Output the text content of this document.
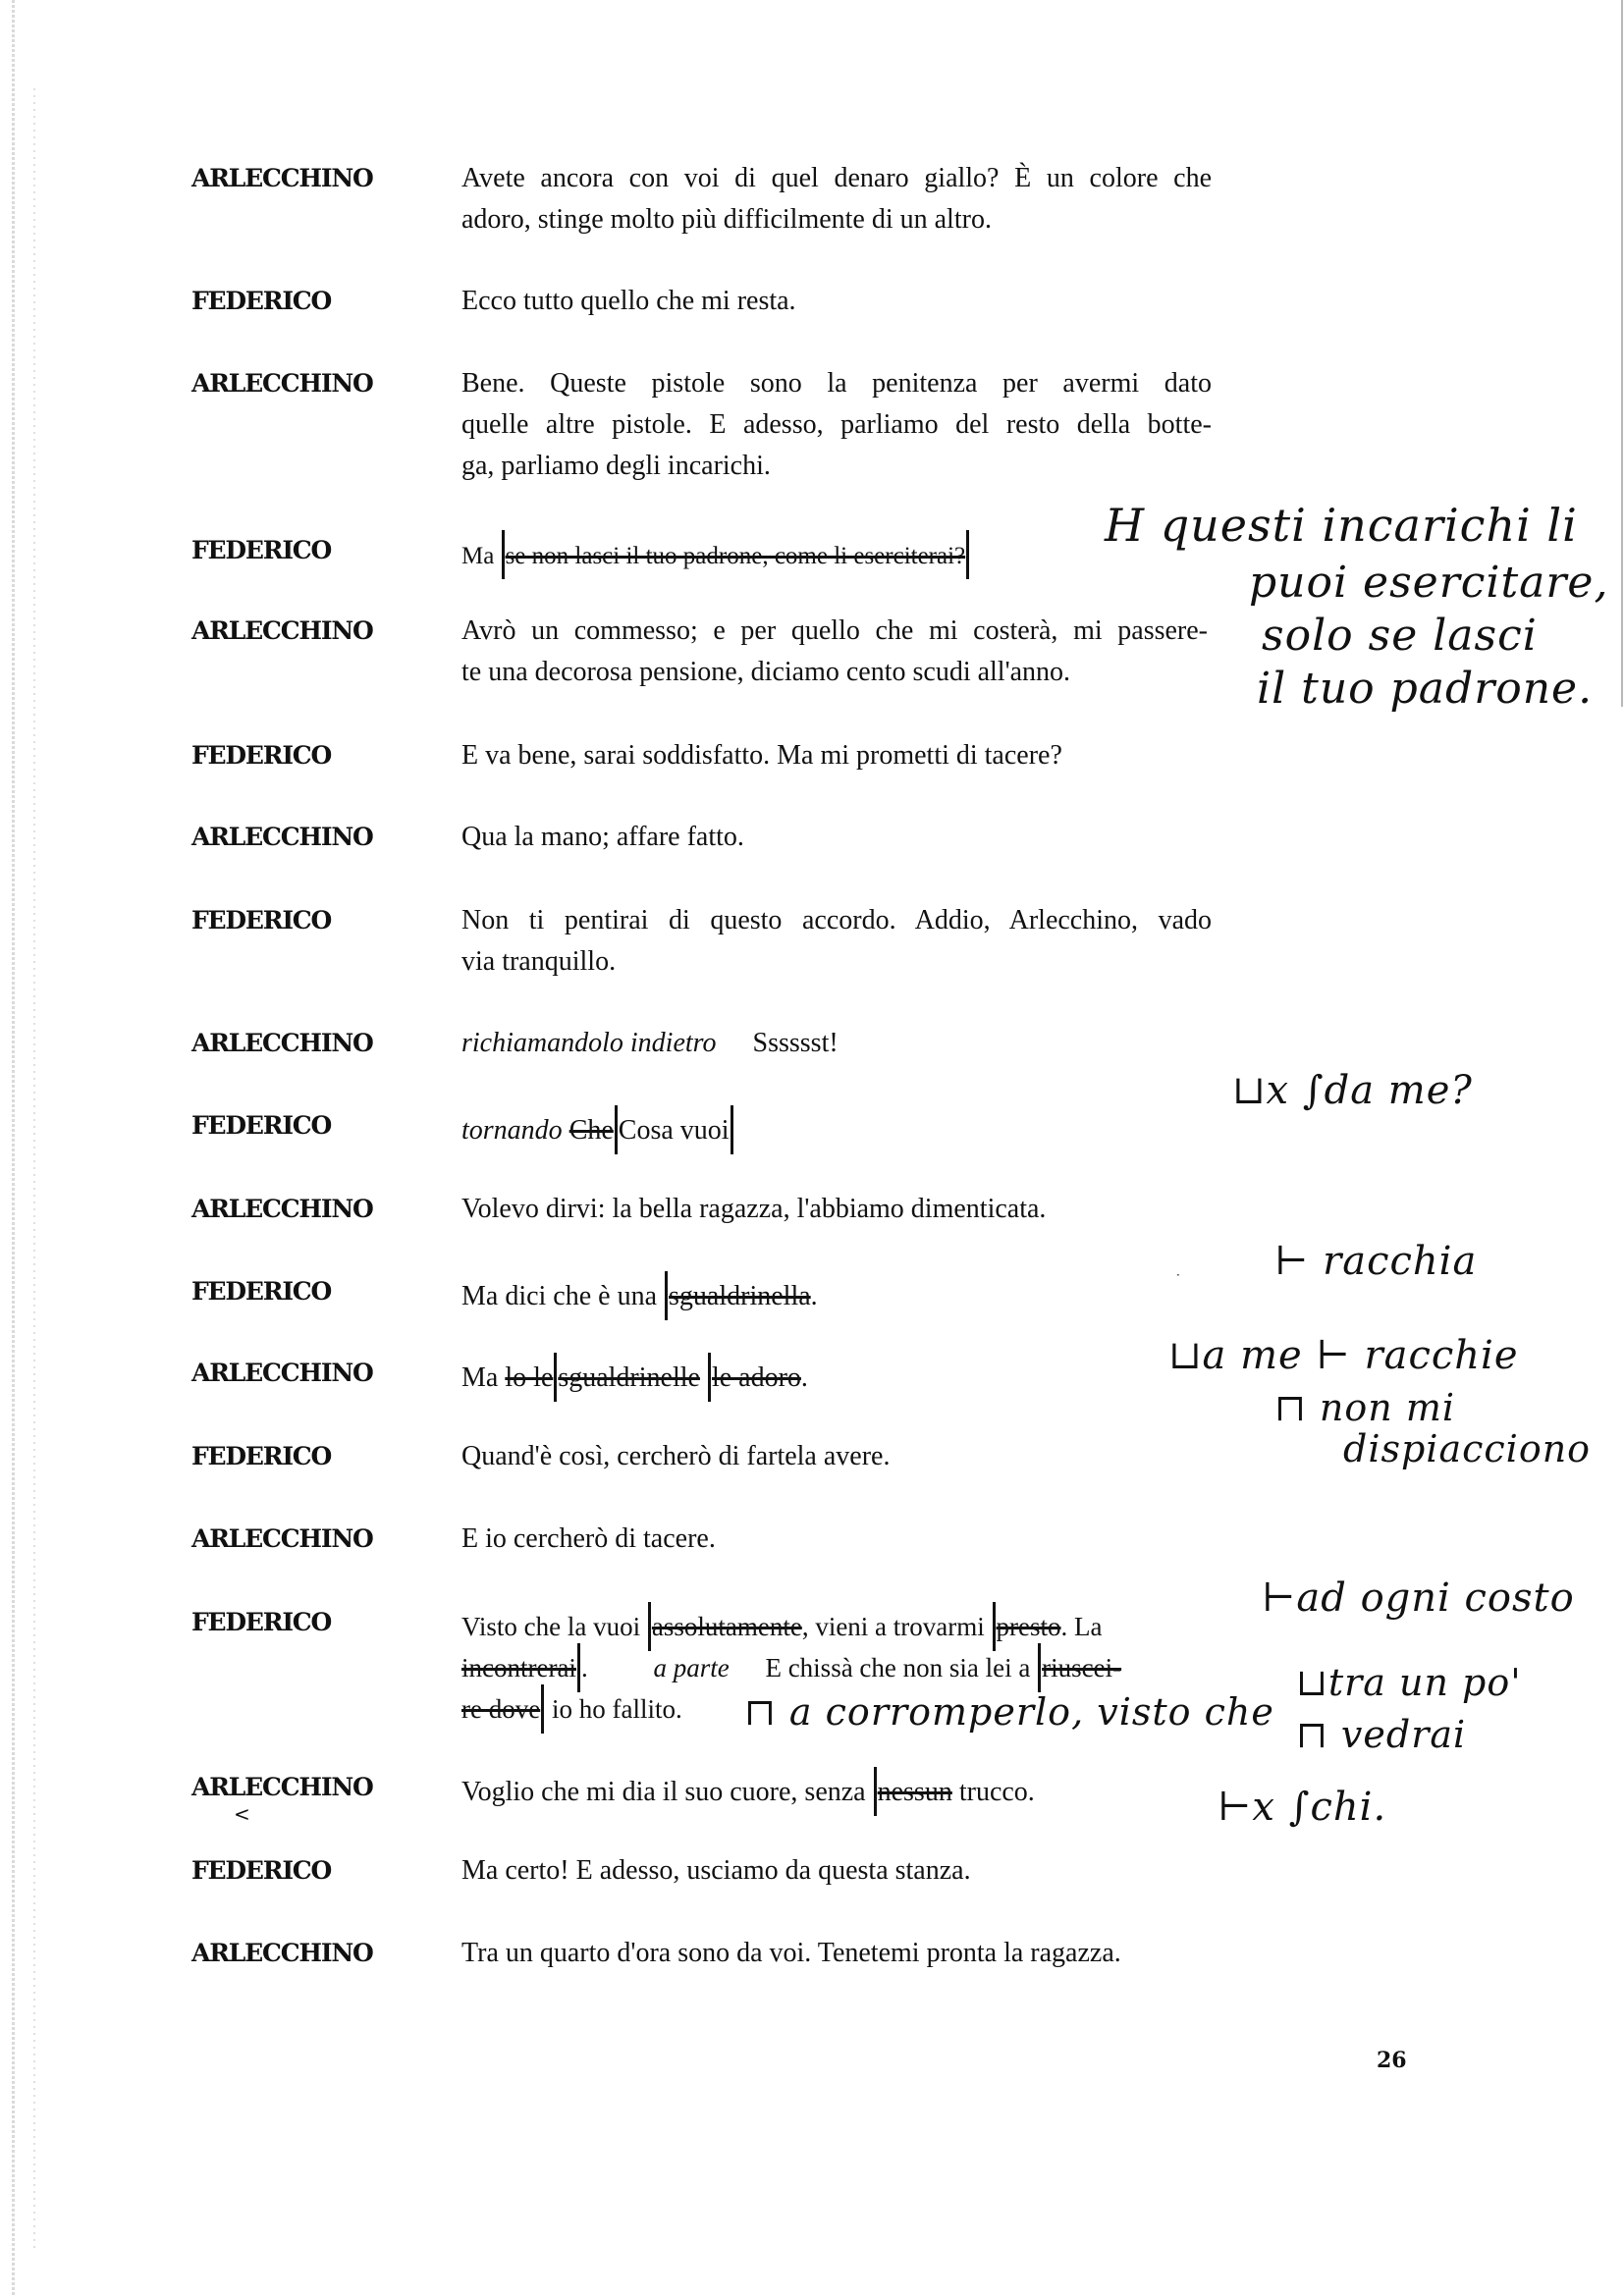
ARLECCHINO	Avete ancora con voi di quel denaro giallo? È un colore che
adoro, stinge molto più difficilmente di un altro.
FEDERICO	Ecco tutto quello che mi resta.
ARLECCHINO	Bene. Queste pistole sono la penitenza per avermi dato
quelle altre pistole. E adesso, parliamo del resto della botte-
ga, parliamo degli incarichi.
FEDERICO	Ma se non lasci il tuo padrone, come li eserciterai?
ARLECCHINO	Avrò un commesso; e per quello che mi costerà, mi passere-
te una decorosa pensione, diciamo cento scudi all'anno.
FEDERICO	E va bene, sarai soddisfatto. Ma mi prometti di tacere?
ARLECCHINO	Qua la mano; affare fatto.
FEDERICO	Non ti pentirai di questo accordo. Addio, Arlecchino, vado
via tranquillo.
ARLECCHINO	richiamandolo indietro Sssssst!
FEDERICO	tornando Che Cosa vuoi
ARLECCHINO	Volevo dirvi: la bella ragazza, l'abbiamo dimenticata.
FEDERICO	Ma dici che è una sgualdrinella.
ARLECCHINO	Ma lo le sgualdrinelle le adoro.
FEDERICO	Quand'è così, cercherò di fartela avere.
ARLECCHINO	E io cercherò di tacere.
FEDERICO	Visto che la vuoi assolutamente, vieni a trovarmi presto. La
incontrerai . a parte E chissà che non sia lei a riuscei-
re dove io ho fallito.
ARLECCHINO	Voglio che mi dia il suo cuore, senza nessun trucco.
<
FEDERICO	Ma certo! E adesso, usciamo da questa stanza.
ARLECCHINO	Tra un quarto d'ora sono da voi. Tenetemi pronta la ragazza.
H questi incarichi li
puoi esercitare,
solo se lasci
il tuo padrone.
⊔x ∫da me?
· ⊢ racchia
⊔a me ⊢ racchie
⊓ non mi
dispiacciono
⊢ad ogni costo
⊓ a corromperlo, visto che
⊔tra un po'
⊓ vedrai
⊢x ∫chi.
26
